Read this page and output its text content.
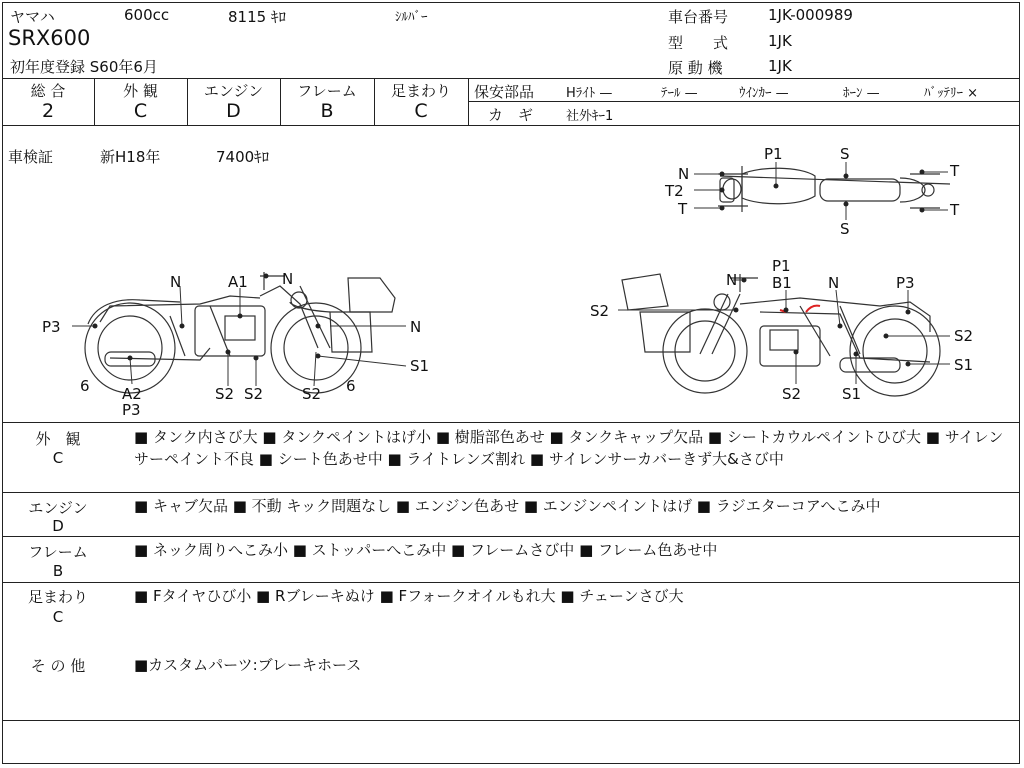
ヤマハ	600cc	8115 ｷﾛ	ｼﾙﾊﾞｰ
SRX600
初年度登録 S60年6月
車台番号	1JK-000989
型　　式	1JK
原 動 機	1JK
総 合
2
外 観
C
エンジン
D
フレーム
B
足まわり
C
保安部品 Hﾗｲﾄ —	ﾃｰﾙ —	ｳｲﾝｶｰ —	ﾎｰﾝ —	ﾊﾞｯﾃﾘｰ ×
カ　ギ	社外ｷｰ1
車検証	新H18年	7400ｷﾛ	P1	S
N
T2
T
T
T
S
N	A1 N
P3	N
S1
6 A2
P3
S2 S2	S2 6
N
P1
B1 N	P3
S2
S2
S1
S2	S1
外　観
C
■ タンク内さび大 ■ タンクペイントはげ小 ■ 樹脂部色あせ ■ タンクキャップ欠品 ■ シートカウルペイントひび大 ■ サイレンサーペイント不良 ■ シート色あせ中 ■ ライトレンズ割れ ■ サイレンサーカバーきず大&さび中
エンジン
D
■ キャブ欠品 ■ 不動 キック問題なし ■ エンジン色あせ ■ エンジンペイントはげ ■ ラジエターコアへこみ中
フレーム
B
■ ネック周りへこみ小 ■ ストッパーへこみ中 ■ フレームさび中 ■ フレーム色あせ中
足まわり
C
■ Fタイヤひび小 ■ Rブレーキぬけ ■ Fフォークオイルもれ大 ■ チェーンさび大
そ の 他	■カスタムパーツ:ブレーキホース
